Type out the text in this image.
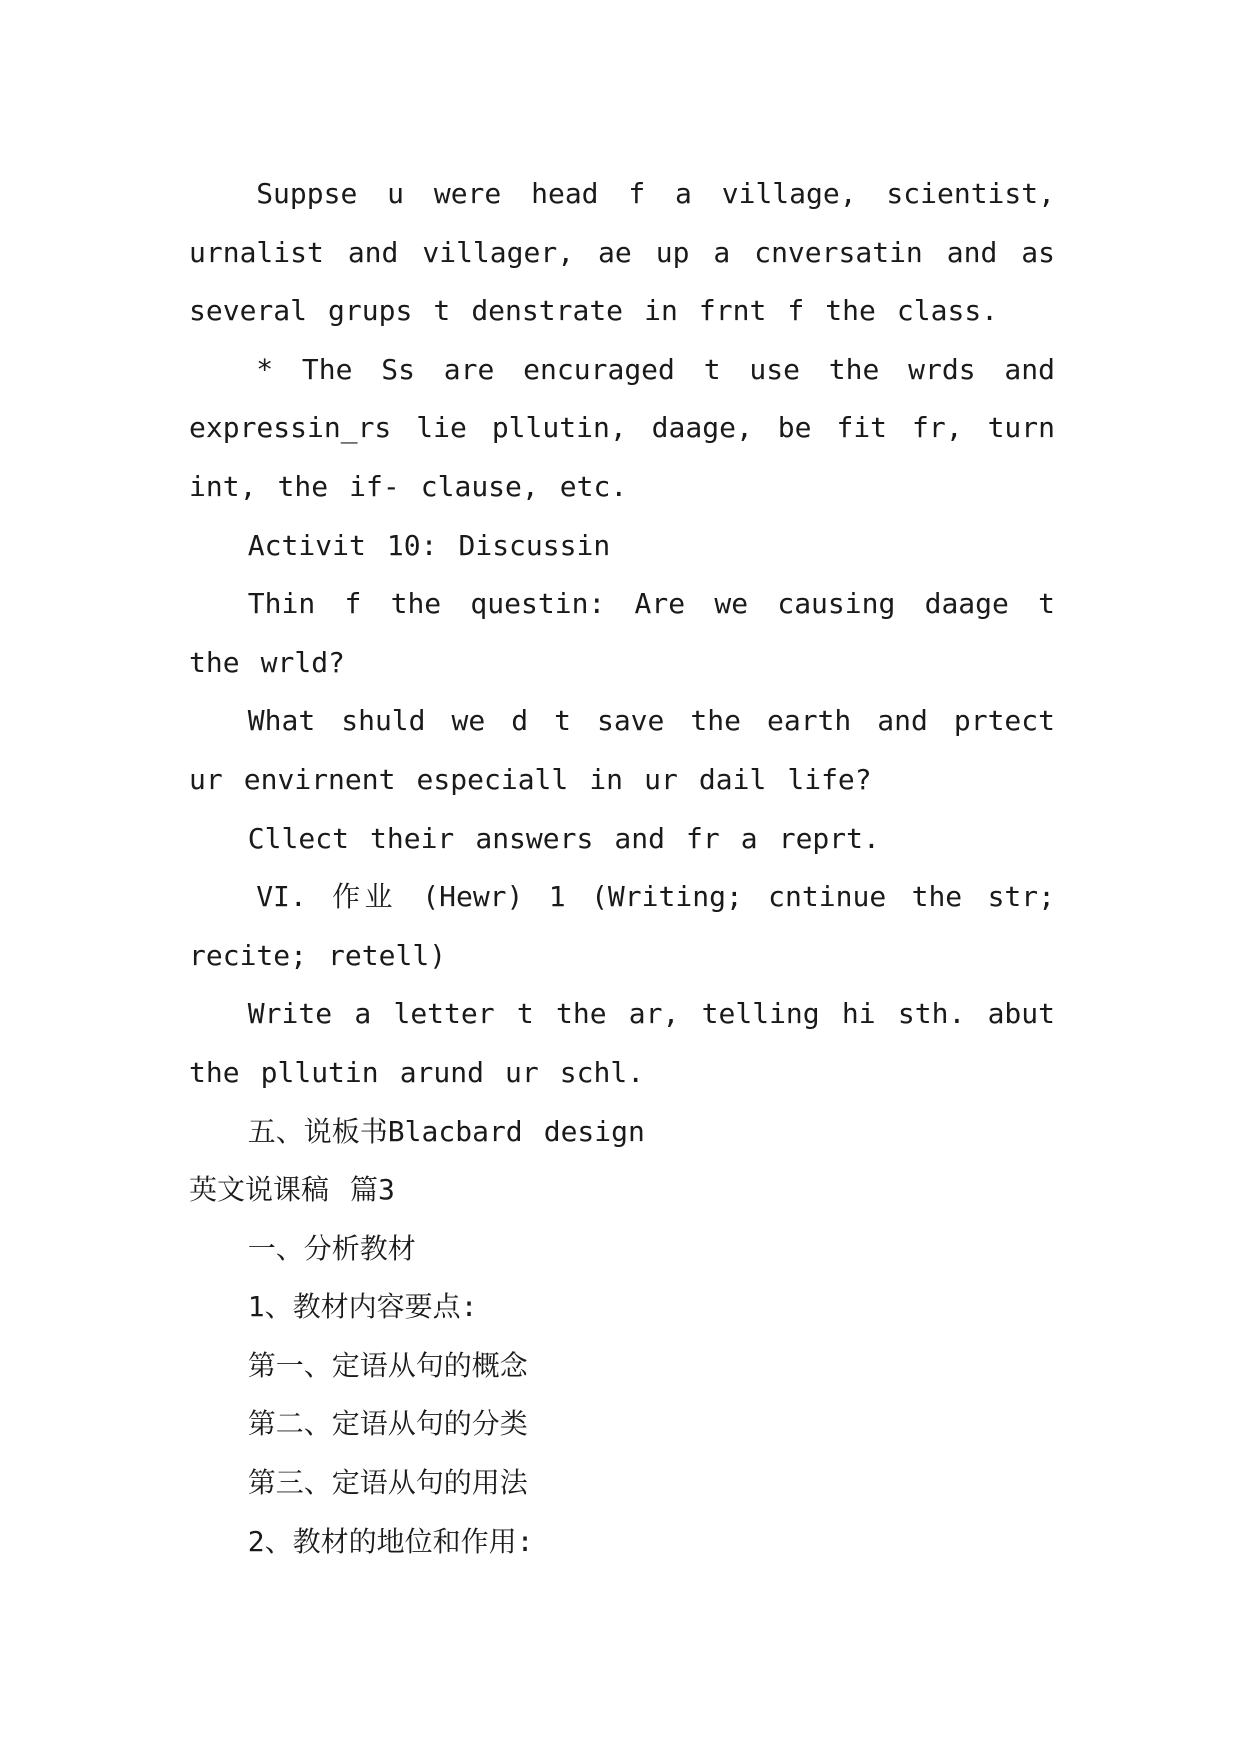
Suppse u were head f a village, scientist, urnalist and villager, ae up a cnversatin and as several grups t denstrate in frnt f the class.

* The Ss are encuraged t use the wrds and expressin_rs lie pllutin, daage, be fit fr, turn int, the if- clause, etc.

Activit 10: Discussin

Thin f the questin: Are we causing daage t the wrld?

What shuld we d t save the earth and prtect ur envirnent especiall in ur dail life?

Cllect their answers and fr a reprt.

VI. 作业 (Hewr) 1 (Writing; cntinue the str; recite; retell)

Write a letter t the ar, telling hi sth. abut the pllutin arund ur schl.

五、说板书Blacbard design

英文说课稿 篇3

一、分析教材

1、教材内容要点:

第一、定语从句的概念

第二、定语从句的分类

第三、定语从句的用法

2、教材的地位和作用:
